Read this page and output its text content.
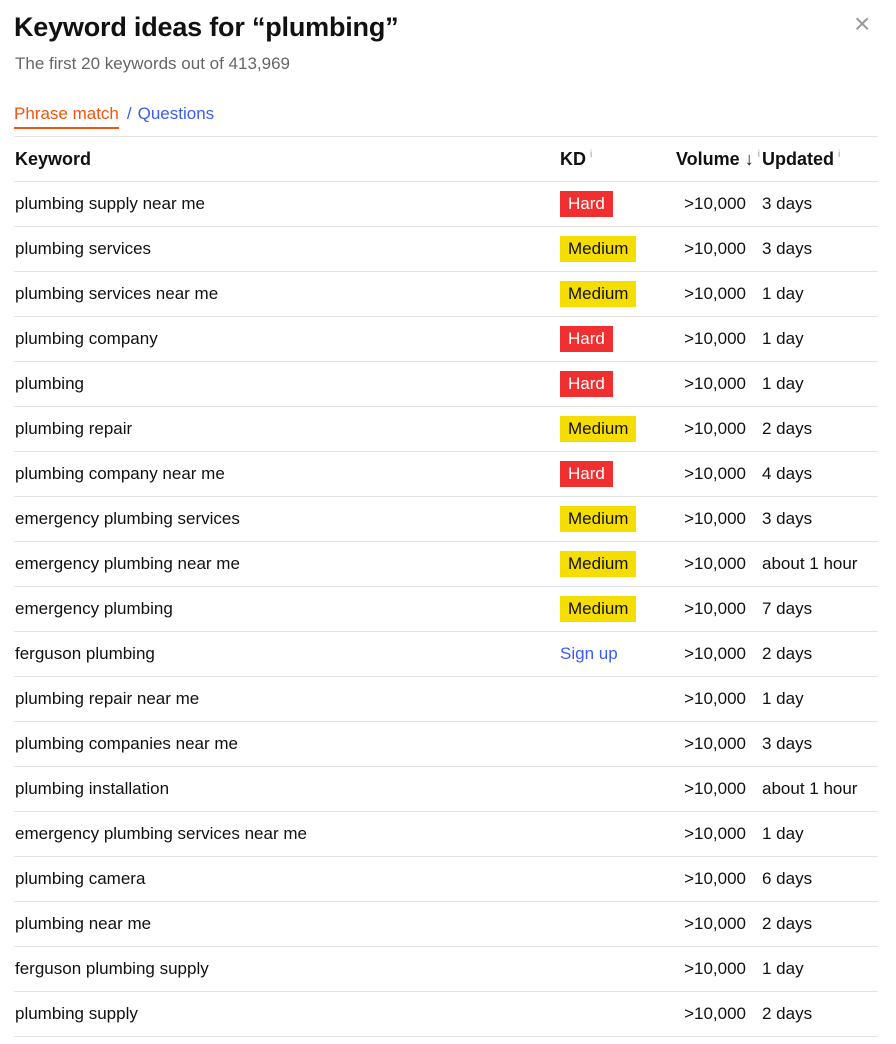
Keyword ideas for “plumbing”	×
The first 20 keywords out of 413,969
Phrase match / Questions
Keyword	KD $^i$	Volume ↓ $^i$	Updated $^i$
plumbing supply near me	Hard	>10,000	3 days
plumbing services	Medium	>10,000	3 days
plumbing services near me	Medium	>10,000	1 day
plumbing company	Hard	>10,000	1 day
plumbing	Hard	>10,000	1 day
plumbing repair	Medium	>10,000	2 days
plumbing company near me	Hard	>10,000	4 days
emergency plumbing services	Medium	>10,000	3 days
emergency plumbing near me	Medium	>10,000	about 1 hour
emergency plumbing	Medium	>10,000	7 days
ferguson plumbing	Sign up	>10,000	2 days
plumbing repair near me		>10,000	1 day
plumbing companies near me		>10,000	3 days
plumbing installation		>10,000	about 1 hour
emergency plumbing services near me		>10,000	1 day
plumbing camera		>10,000	6 days
plumbing near me		>10,000	2 days
ferguson plumbing supply		>10,000	1 day
plumbing supply		>10,000	2 days
